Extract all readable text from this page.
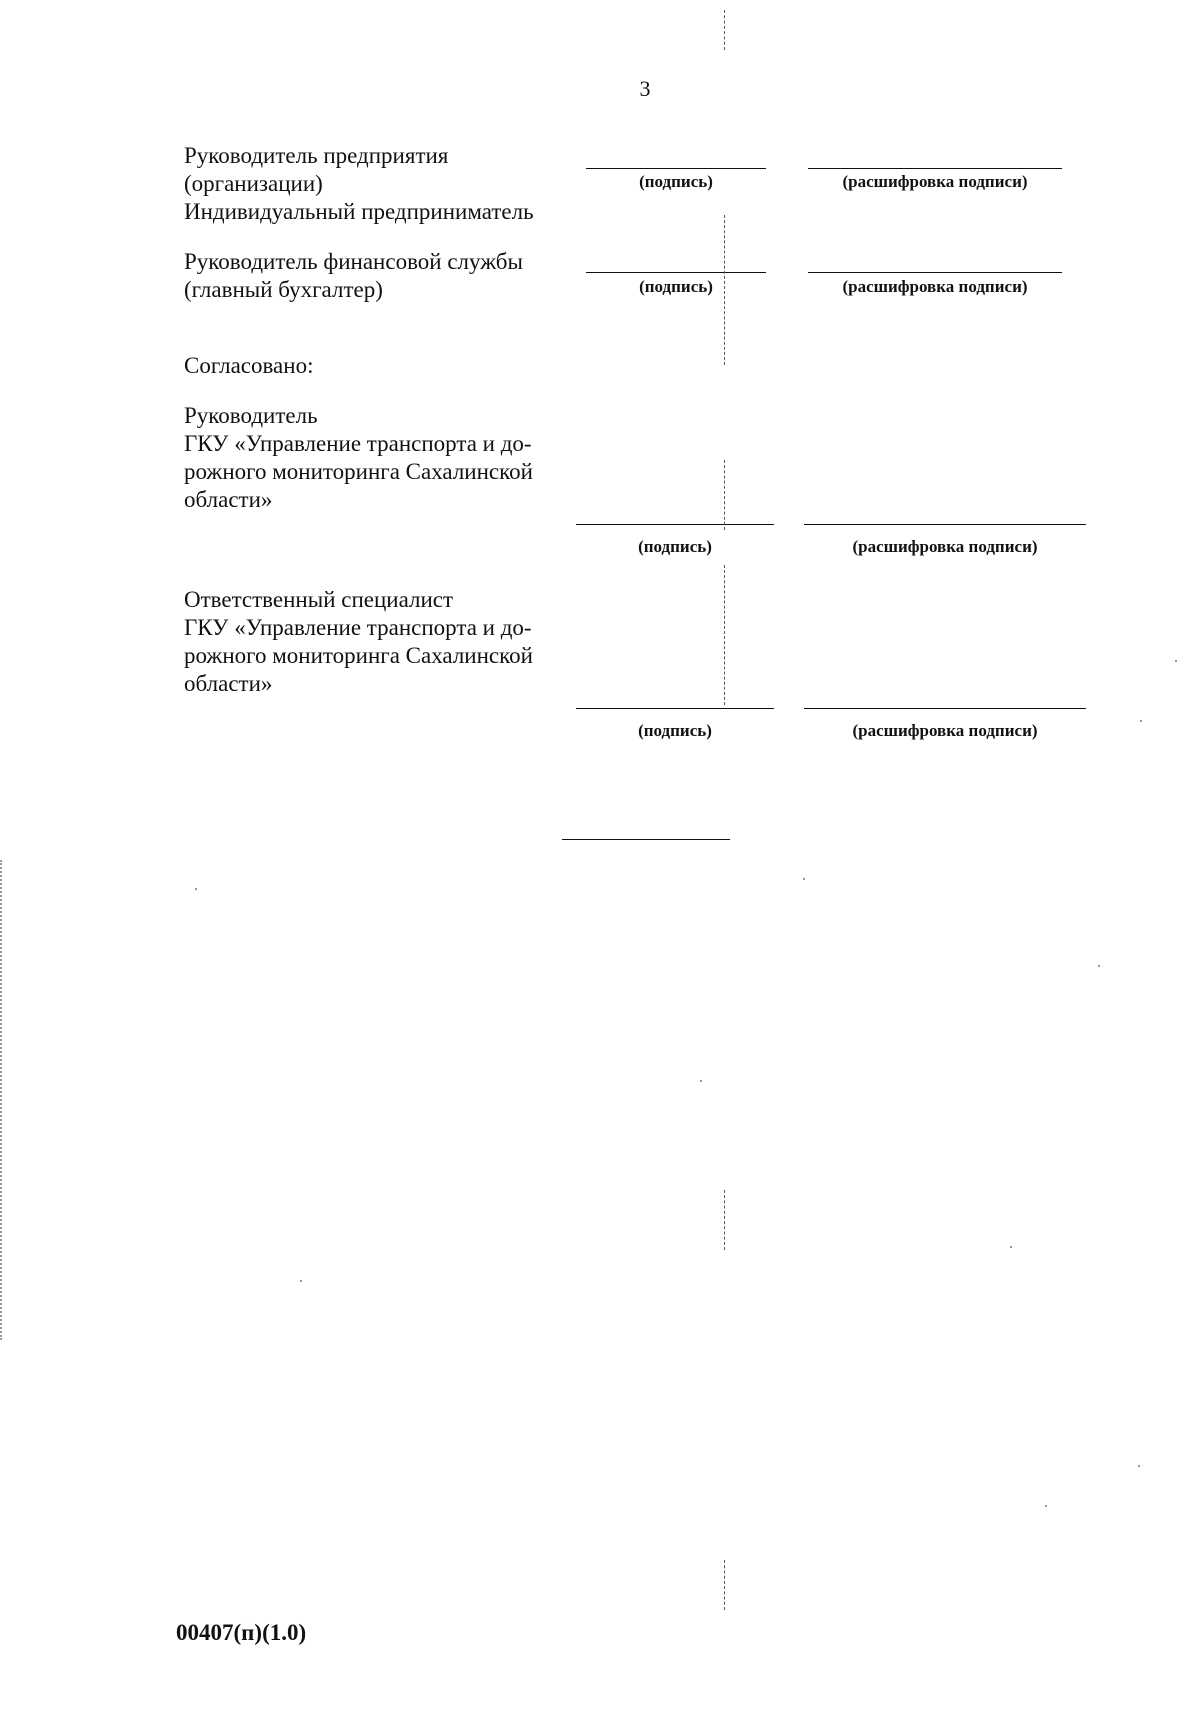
3
Руководитель предприятия
(организации)
Индивидуальный предприниматель
(подпись)	(расшифровка подписи)
Руководитель финансовой службы
(главный бухгалтер)	(подпись)	(расшифровка подписи)
Согласовано:
Руководитель
ГКУ «Управление транспорта и до-
рожного мониторинга Сахалинской
области»
(подпись)	(расшифровка подписи)
Ответственный специалист
ГКУ «Управление транспорта и до-
рожного мониторинга Сахалинской
области»
(подпись)	(расшифровка подписи)
00407(п)(1.0)
